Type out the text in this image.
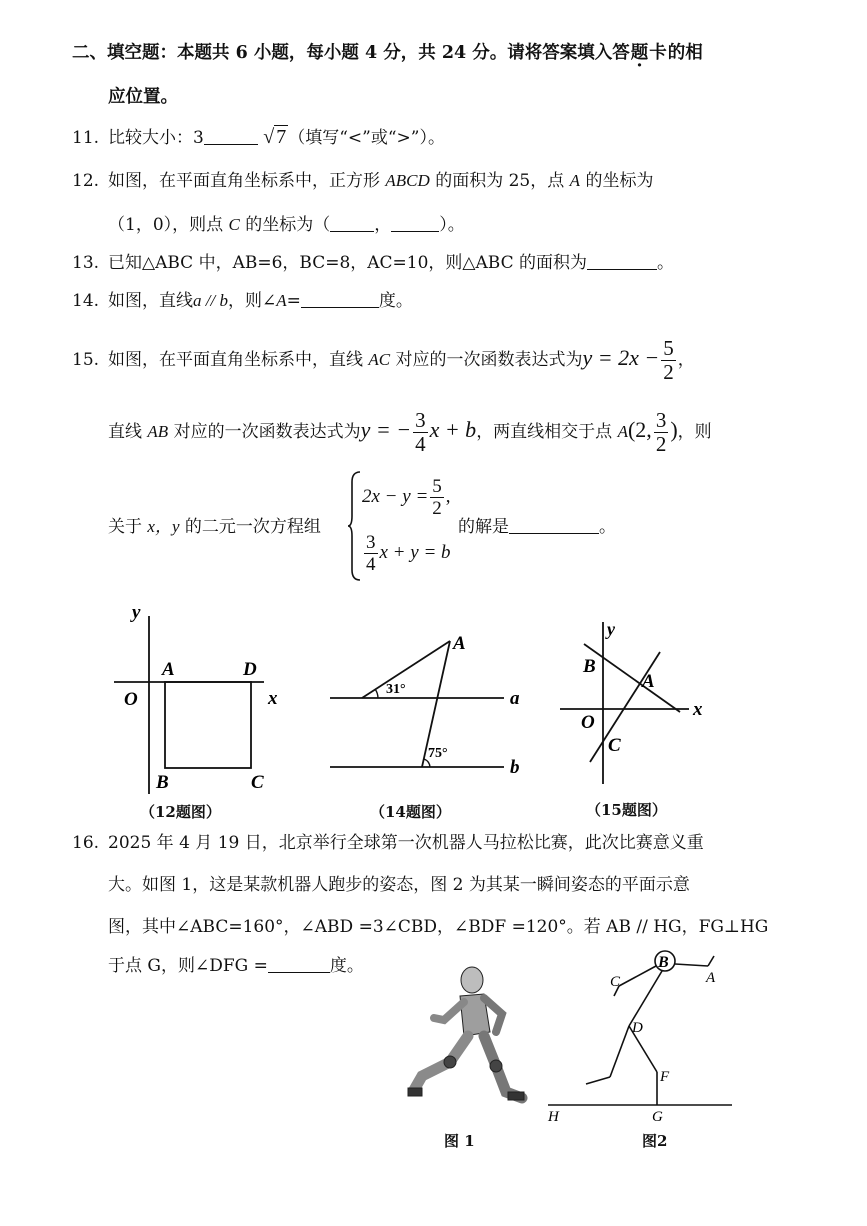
二、填空题：本题共 6 小题，每小题 4 分，共 24 分。请将答案填入答题卡的相
应位置。
11. 比较大小：3	√ 7 （填写“<”或“>”）。
12. 如图，在平面直角坐标系中，正方形 ABCD 的面积为 25，点 A 的坐标为
（1，0），则点 C 的坐标为（	，	）。
13. 已知△ABC 中，AB=6，BC=8，AC=10，则△ABC 的面积为	。
14. 如图，直线a // b，则∠A=	度。
15. 如图，在平面直角坐标系中，直线 AC 对应的一次函数表达式为$y = 2x - \frac{5}{2}$ ，
直线 AB 对应的一次函数表达式为y = − $\frac{3}{4}$ x + b，两直线相交于点 A(2, $\frac{3}{2}$ )，则
关于 x，y 的二元一次方程组
$2x - y = \frac{5}{2}$ ,
$\frac{3}{4}$ x + y = b
的解是	。
y
O
A	D
x
B	C
（12题图）
A
31°
75°
a
b
（14题图）
y
B
A
O
x
C
（15题图）
16. 2025 年 4 月 19 日，北京举行全球第一次机器人马拉松比赛，此次比赛意义重
大。如图 1，这是某款机器人跑步的姿态，图 2 为其某一瞬间姿态的平面示意
图，其中∠ABC=160°，∠ABD =3∠CBD，∠BDF =120°。若 AB // HG，FG⊥HG
于点 G，则∠DFG =	度。
图 1
B
A
C
D
F
H	G
图2
